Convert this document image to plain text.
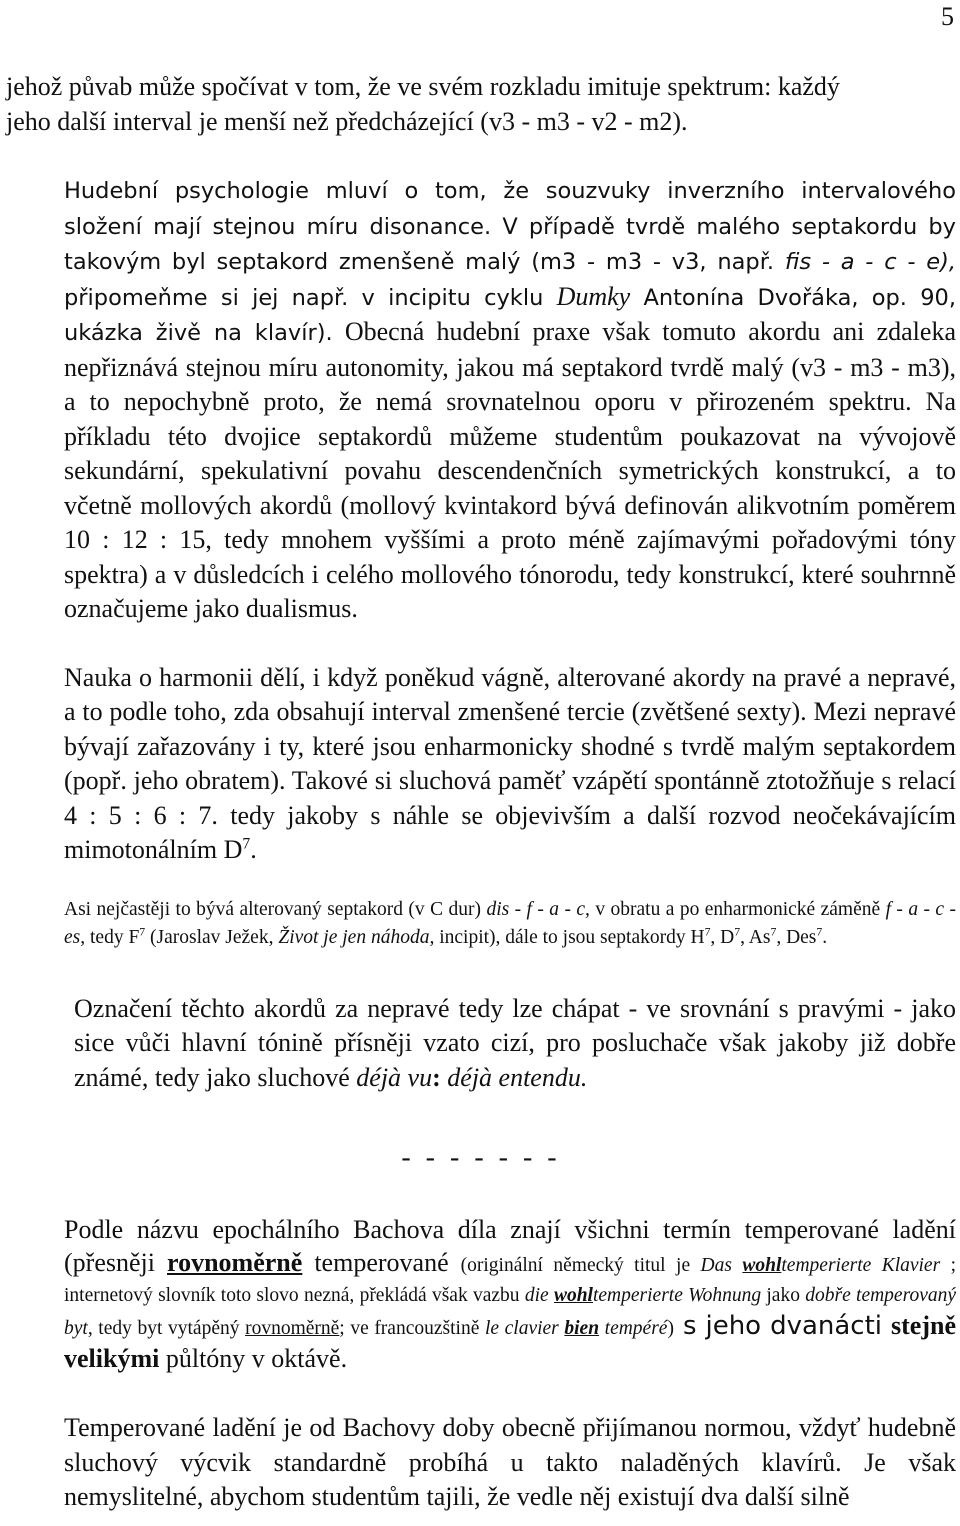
5

jehož půvab může spočívat v tom, že ve svém rozkladu imituje spektrum: každý
jeho další interval je menší než předcházející (v3 - m3 - v2 - m2).

Hudební psychologie mluví o tom, že souzvuky inverzního intervalového složení mají stejnou míru disonance. V případě tvrdě malého septakordu by takovým byl septakord zmenšeně malý (m3 - m3 - v3, např. fis - a - c - e), připomeňme si jej např. v incipitu cyklu Dumky Antonína Dvořáka, op. 90, ukázka živě na klavír). Obecná hudební praxe však tomuto akordu ani zdaleka nepřiznává stejnou míru autonomity, jakou má septakord tvrdě malý (v3 - m3 - m3), a to nepochybně proto, že nemá srovnatelnou oporu v přirozeném spektru. Na příkladu této dvojice septakordů můžeme studentům poukazovat na vývojově sekundární, spekulativní povahu descendenčních symetrických konstrukcí, a to včetně mollových akordů (mollový kvintakord bývá definován alikvotním poměrem 10 : 12 : 15, tedy mnohem vyššími a proto méně zajímavými pořadovými tóny spektra) a v důsledcích i celého mollového tónorodu, tedy konstrukcí, které souhrnně označujeme jako dualismus.

Nauka o harmonii dělí, i když poněkud vágně, alterované akordy na pravé a nepravé, a to podle toho, zda obsahují interval zmenšené tercie (zvětšené sexty). Mezi nepravé bývají zařazovány i ty, které jsou enharmonicky shodné s tvrdě malým septakordem (popř. jeho obratem). Takové si sluchová paměť vzápětí spontánně ztotožňuje s relací 4 : 5 : 6 : 7. tedy jakoby s náhle se objevivším a další rozvod neočekávajícím mimotonálním $D^7$.

Asi nejčastěji to bývá alterovaný septakord (v C dur) dis - f - a - c, v obratu a po enharmonické záměně f - a - c - es, tedy $F^7$ (Jaroslav Ježek, Život je jen náhoda, incipit), dále to jsou septakordy $H^7$, $D^7$, As$^7$, Des$^7$.

Označení těchto akordů za nepravé tedy lze chápat - ve srovnání s pravými - jako sice vůči hlavní tónině přísněji vzato cizí, pro posluchače však jakoby již dobře známé, tedy jako sluchové déjà vu: déjà entendu.

- - - - - - -

Podle názvu epochálního Bachova díla znají všichni termín temperované ladění (přesněji rovnoměrně temperované (originální německý titul je Das wohltemperierte Klavier ; internetový slovník toto slovo nezná, překládá však vazbu die wohltemperierte Wohnung jako dobře temperovaný byt, tedy byt vytápěný rovnoměrně; ve francouzštině le clavier bien tempéré) s jeho dvanácti stejně velikými půltóny v oktávě.

Temperované ladění je od Bachovy doby obecně přijímanou normou, vždyť hudebně sluchový výcvik standardně probíhá u takto naladěných klavírů. Je však nemyslitelné, abychom studentům tajili, že vedle něj existují dva další silně
